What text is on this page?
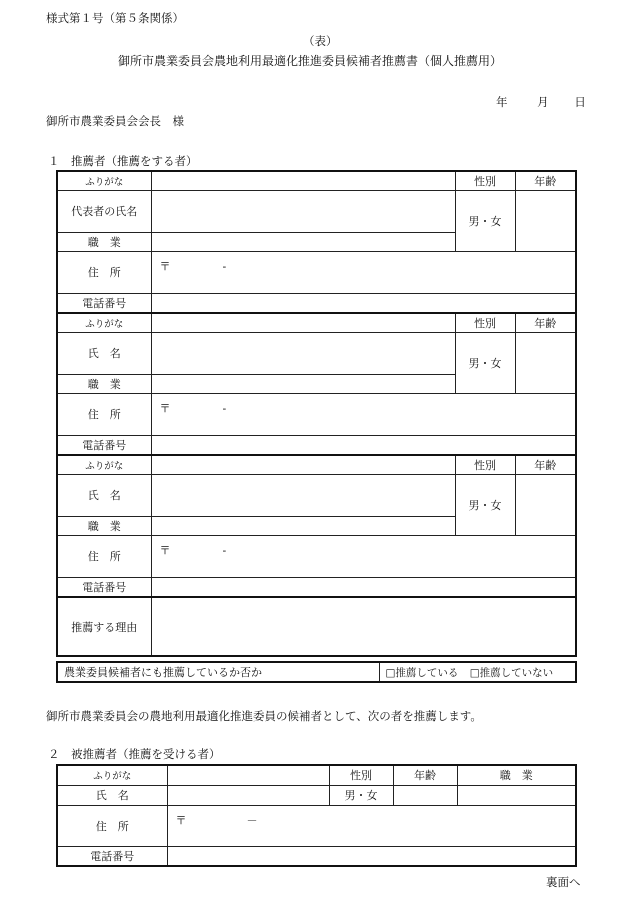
様式第１号（第５条関係）
（表）
御所市農業委員会農地利用最適化推進委員候補者推薦書（個人推薦用）
年	月 日
御所市農業委員会会長　様
１　推薦者（推薦をする者）
ふりがな		性別	年齢
代表者の氏名		男・女	
職　業			
住　所	〒 -		
電話番号			
ふりがな		性別	年齢
氏　名		男・女	
職　業			
住　所	〒 -		
電話番号			
ふりがな		性別	年齢
氏　名		男・女	
職　業			
住　所	〒 -		
電話番号			
推薦する理由			
農業委員候補者にも推薦しているか否か	□推薦している □推薦していない
御所市農業委員会の農地利用最適化推進委員の候補者として、次の者を推薦します。
２　被推薦者（推薦を受ける者）
ふりがな		性別	年齢	職　業
氏　名		男・女		
住　所	〒 －			
電話番号				
裏面へ
